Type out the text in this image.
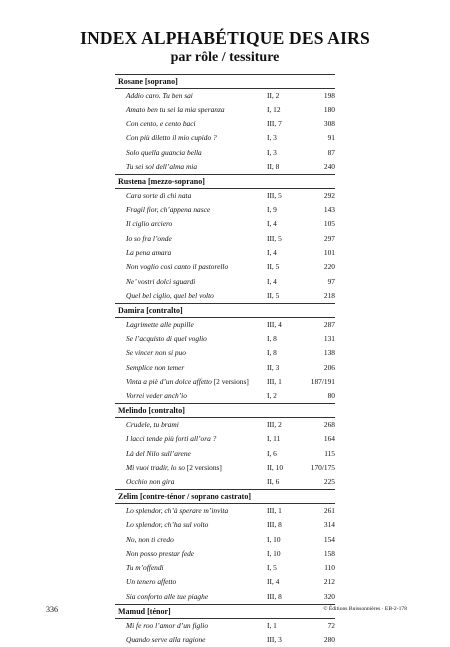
INDEX ALPHABÉTIQUE DES AIRS
par rôle / tessiture
Rosane [soprano]
Addio caro. Tu ben sai	II, 2	198
Amato ben tu sei la mia speranza	I, 12	180
Con cento, e cento baci	III, 7	308
Con più diletto il mio cupido ?	I, 3	91
Solo quella guancia bella	I, 3	87
Tu sei sol dell’alma mia	II, 8	240
Rustena [mezzo-soprano]
Cara sorte di chi nata	III, 5	292
Fragil fior, ch’appena nasce	I, 9	143
Il ciglio arciero	I, 4	105
Io so fra l’onde	III, 5	297
La pena amara	I, 4	101
Non voglio cosi canto il pastorello	II, 5	220
Ne’ vostri dolci sguardi	I, 4	97
Quel bel ciglio, quel bel volto	II, 5	218
Damira [contralto]
Lagrimette alle pupille	III, 4	287
Se l’acquisto di quel voglio	I, 8	131
Se vincer non si puo	I, 8	138
Semplice non temer	II, 3	206
Vinta a piè d’un dolce affetto [2 versions] III, 1	187/191
Vorrei veder anch’io	I, 2	80
Melindo [contralto]
Crudele, tu brami	III, 2	268
I lacci tende più forti all’ora ?	I, 11	164
Là del Nilo sull’arene	I, 6	115
Mi vuoi tradir, lo so [2 versions]	II, 10	170/175
Occhio non gira	II, 6	225
Zelim [contre-ténor / soprano castrato]
Lo splendor, ch’à sperare m’invita	III, 1	261
Lo splendor, ch’ha sul volto	III, 8	314
No, non ti credo	I, 10	154
Non posso prestar fede	I, 10	158
Tu m’offendi	I, 5	110
Un tenero affetto	II, 4	212
Sia conforto alle tue piaghe	III, 8	320
Mamud [ténor]
Mi fe roo l’amor d’un figlio	I, 1	72
Quando serve alla ragione	III, 3	280
336	© Éditions Buissonnières · EB-2-178
